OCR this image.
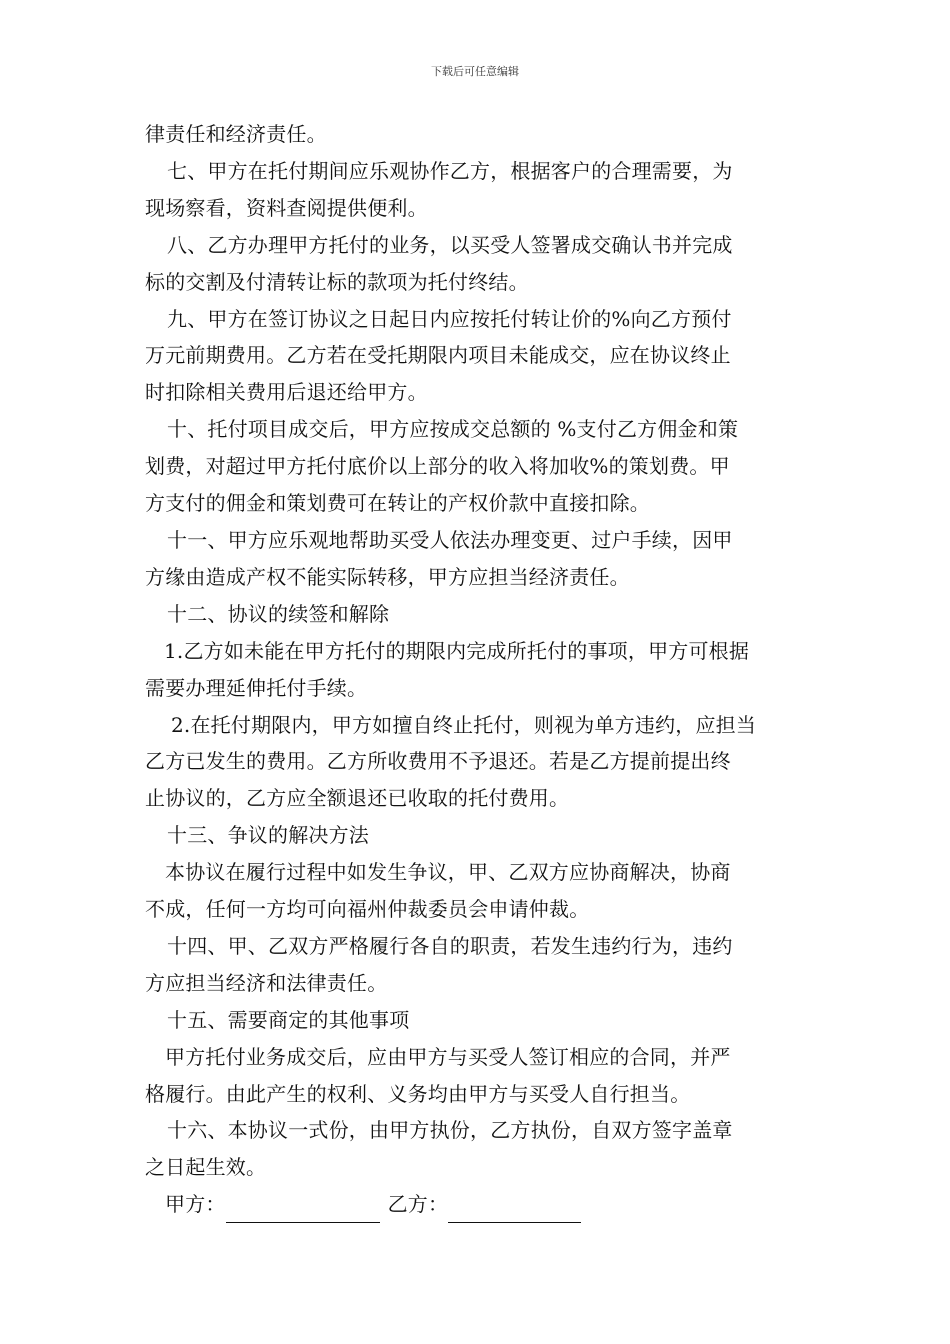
下载后可任意编辑
律责任和经济责任。
七、甲方在托付期间应乐观协作乙方，根据客户的合理需要，为
现场察看，资料查阅提供便利。
八、乙方办理甲方托付的业务，以买受人签署成交确认书并完成
标的交割及付清转让标的款项为托付终结。
九、甲方在签订协议之日起日内应按托付转让价的%向乙方预付
万元前期费用。乙方若在受托期限内项目未能成交，应在协议终止
时扣除相关费用后退还给甲方。
十、托付项目成交后，甲方应按成交总额的 %支付乙方佣金和策
划费，对超过甲方托付底价以上部分的收入将加收%的策划费。甲
方支付的佣金和策划费可在转让的产权价款中直接扣除。
十一、甲方应乐观地帮助买受人依法办理变更、过户手续，因甲
方缘由造成产权不能实际转移，甲方应担当经济责任。
十二、协议的续签和解除
1.乙方如未能在甲方托付的期限内完成所托付的事项，甲方可根据
需要办理延伸托付手续。
2.在托付期限内，甲方如擅自终止托付，则视为单方违约，应担当
乙方已发生的费用。乙方所收费用不予退还。若是乙方提前提出终
止协议的，乙方应全额退还已收取的托付费用。
十三、争议的解决方法
本协议在履行过程中如发生争议，甲、乙双方应协商解决，协商
不成，任何一方均可向福州仲裁委员会申请仲裁。
十四、甲、乙双方严格履行各自的职责，若发生违约行为，违约
方应担当经济和法律责任。
十五、需要商定的其他事项
甲方托付业务成交后，应由甲方与买受人签订相应的合同，并严
格履行。由此产生的权利、义务均由甲方与买受人自行担当。
十六、本协议一式份，由甲方执份，乙方执份，自双方签字盖章
之日起生效。
甲方：	乙方：
